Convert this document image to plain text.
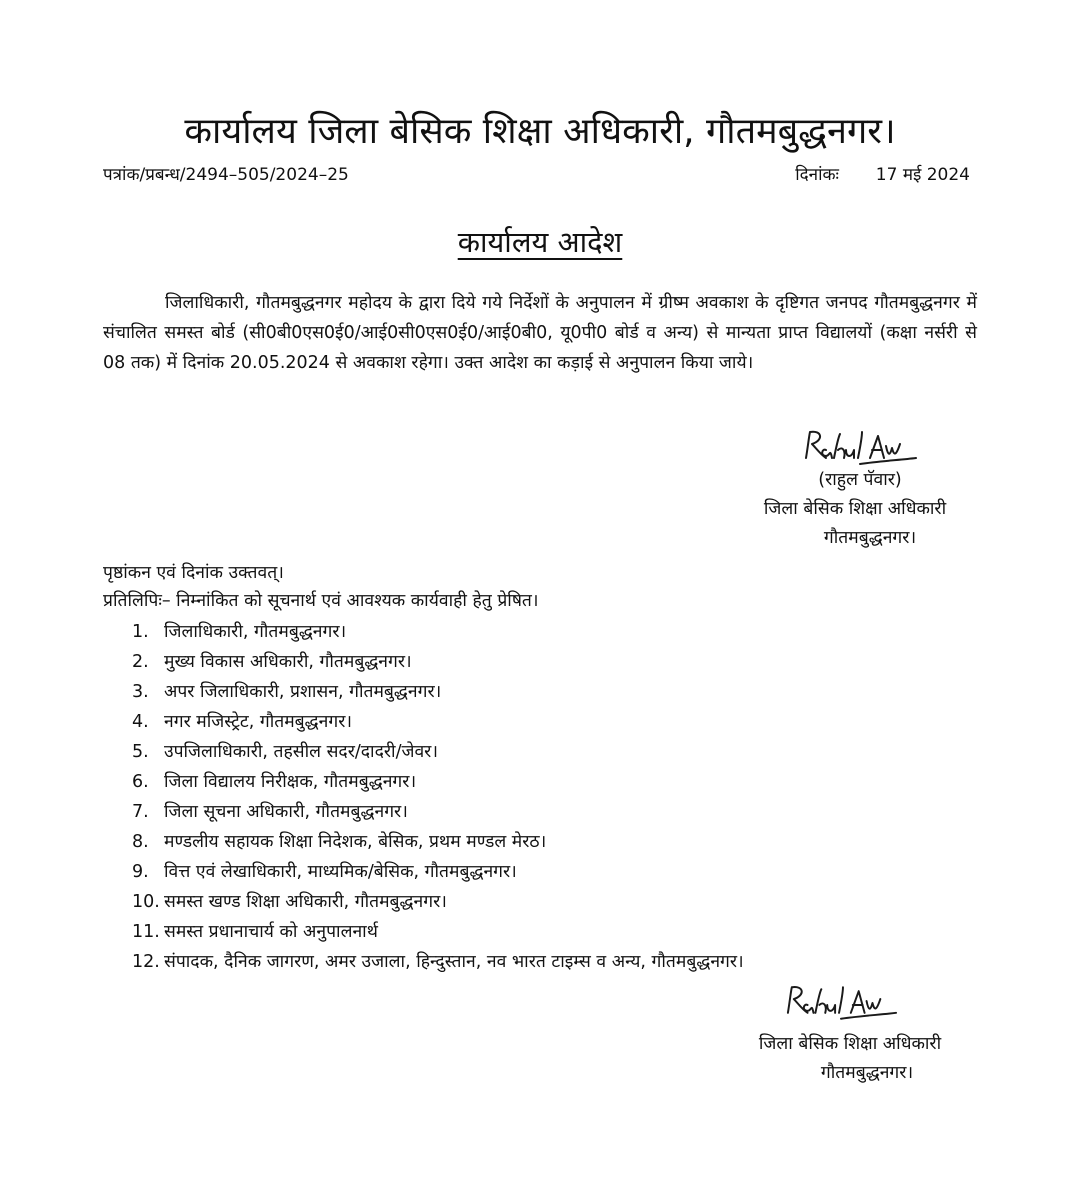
कार्यालय जिला बेसिक शिक्षा अधिकारी, गौतमबुद्धनगर।
पत्रांक/प्रबन्ध/2494–505/2024–25	दिनांकः 17 मई 2024
कार्यालय आदेश

जिलाधिकारी, गौतमबुद्धनगर महोदय के द्वारा दिये गये निर्देशों के अनुपालन में ग्रीष्म अवकाश के दृष्टिगत जनपद गौतमबुद्धनगर में संचालित समस्त बोर्ड (सी0बी0एस0ई0/आई0सी0एस0ई0/आई0बी0, यू0पी0 बोर्ड व अन्य) से मान्यता प्राप्त विद्यालयों (कक्षा नर्सरी से 08 तक) में दिनांक 20.05.2024 से अवकाश रहेगा। उक्त आदेश का कड़ाई से अनुपालन किया जाये।

(राहुल पॅवार)
जिला बेसिक शिक्षा अधिकारी
गौतमबुद्धनगर।
पृष्ठांकन एवं दिनांक उक्तवत्।
प्रतिलिपिः– निम्नांकित को सूचनार्थ एवं आवश्यक कार्यवाही हेतु प्रेषित।
1. जिलाधिकारी, गौतमबुद्धनगर।
2. मुख्य विकास अधिकारी, गौतमबुद्धनगर।
3. अपर जिलाधिकारी, प्रशासन, गौतमबुद्धनगर।
4. नगर मजिस्ट्रेट, गौतमबुद्धनगर।
5. उपजिलाधिकारी, तहसील सदर/दादरी/जेवर।
6. जिला विद्यालय निरीक्षक, गौतमबुद्धनगर।
7. जिला सूचना अधिकारी, गौतमबुद्धनगर।
8. मण्डलीय सहायक शिक्षा निदेशक, बेसिक, प्रथम मण्डल मेरठ।
9. वित्त एवं लेखाधिकारी, माध्यमिक/बेसिक, गौतमबुद्धनगर।
10. समस्त खण्ड शिक्षा अधिकारी, गौतमबुद्धनगर।
11. समस्त प्रधानाचार्य को अनुपालनार्थ
12. संपादक, दैनिक जागरण, अमर उजाला, हिन्दुस्तान, नव भारत टाइम्स व अन्य, गौतमबुद्धनगर।
जिला बेसिक शिक्षा अधिकारी
गौतमबुद्धनगर।
